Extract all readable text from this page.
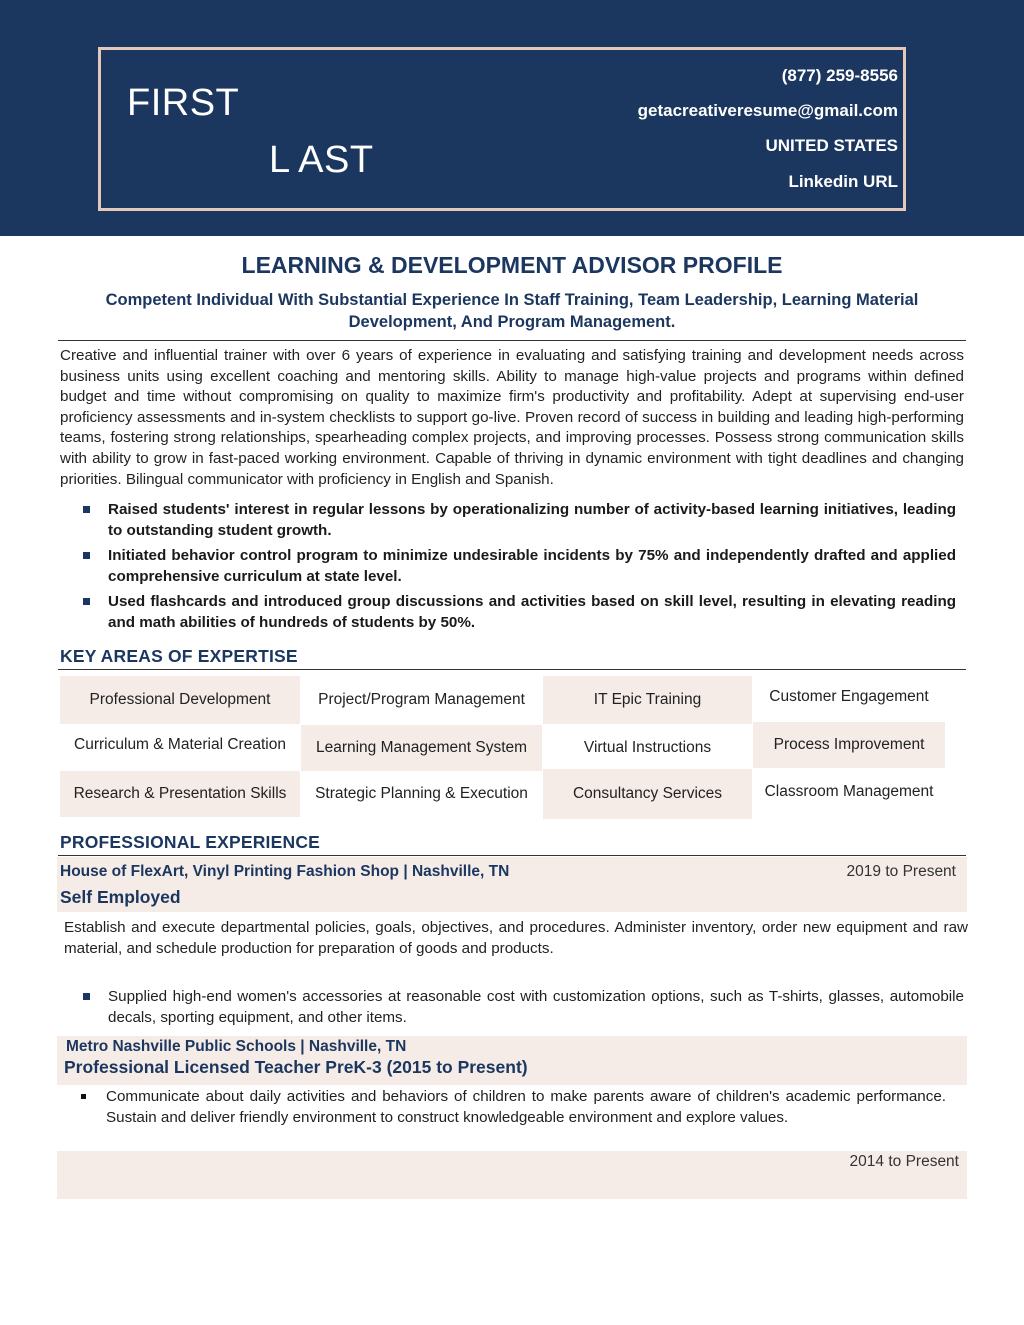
FIRST
L AST
(877) 259-8556
getacreativeresume@gmail.com
UNITED STATES
Linkedin URL
LEARNING & DEVELOPMENT ADVISOR PROFILE
Competent Individual With Substantial Experience In Staff Training, Team Leadership, Learning Material Development, And Program Management.
Creative and influential trainer with over 6 years of experience in evaluating and satisfying training and development needs across business units using excellent coaching and mentoring skills. Ability to manage high-value projects and programs within defined budget and time without compromising on quality to maximize firm's productivity and profitability. Adept at supervising end-user proficiency assessments and in-system checklists to support go-live. Proven record of success in building and leading high-performing teams, fostering strong relationships, spearheading complex projects, and improving processes. Possess strong communication skills with ability to grow in fast-paced working environment. Capable of thriving in dynamic environment with tight deadlines and changing priorities. Bilingual communicator with proficiency in English and Spanish.
Raised students' interest in regular lessons by operationalizing number of activity-based learning initiatives, leading to outstanding student growth.
Initiated behavior control program to minimize undesirable incidents by 75% and independently drafted and applied comprehensive curriculum at state level.
Used flashcards and introduced group discussions and activities based on skill level, resulting in elevating reading and math abilities of hundreds of students by 50%.
KEY AREAS OF EXPERTISE
Professional Development	Project/Program Management	IT Epic Training	Customer Engagement
Curriculum & Material Creation	Learning Management System	Virtual Instructions	Process Improvement
Research & Presentation Skills	Strategic Planning & Execution	Consultancy Services	Classroom Management
PROFESSIONAL EXPERIENCE
House of FlexArt, Vinyl Printing Fashion Shop | Nashville, TN	2019 to Present
Self Employed
Establish and execute departmental policies, goals, objectives, and procedures. Administer inventory, order new equipment and raw material, and schedule production for preparation of goods and products.
Supplied high-end women's accessories at reasonable cost with customization options, such as T-shirts, glasses, automobile decals, sporting equipment, and other items.
Metro Nashville Public Schools | Nashville, TN
Professional Licensed Teacher PreK-3 (2015 to Present)
Communicate about daily activities and behaviors of children to make parents aware of children's academic performance. Sustain and deliver friendly environment to construct knowledgeable environment and explore values.
2014 to Present
